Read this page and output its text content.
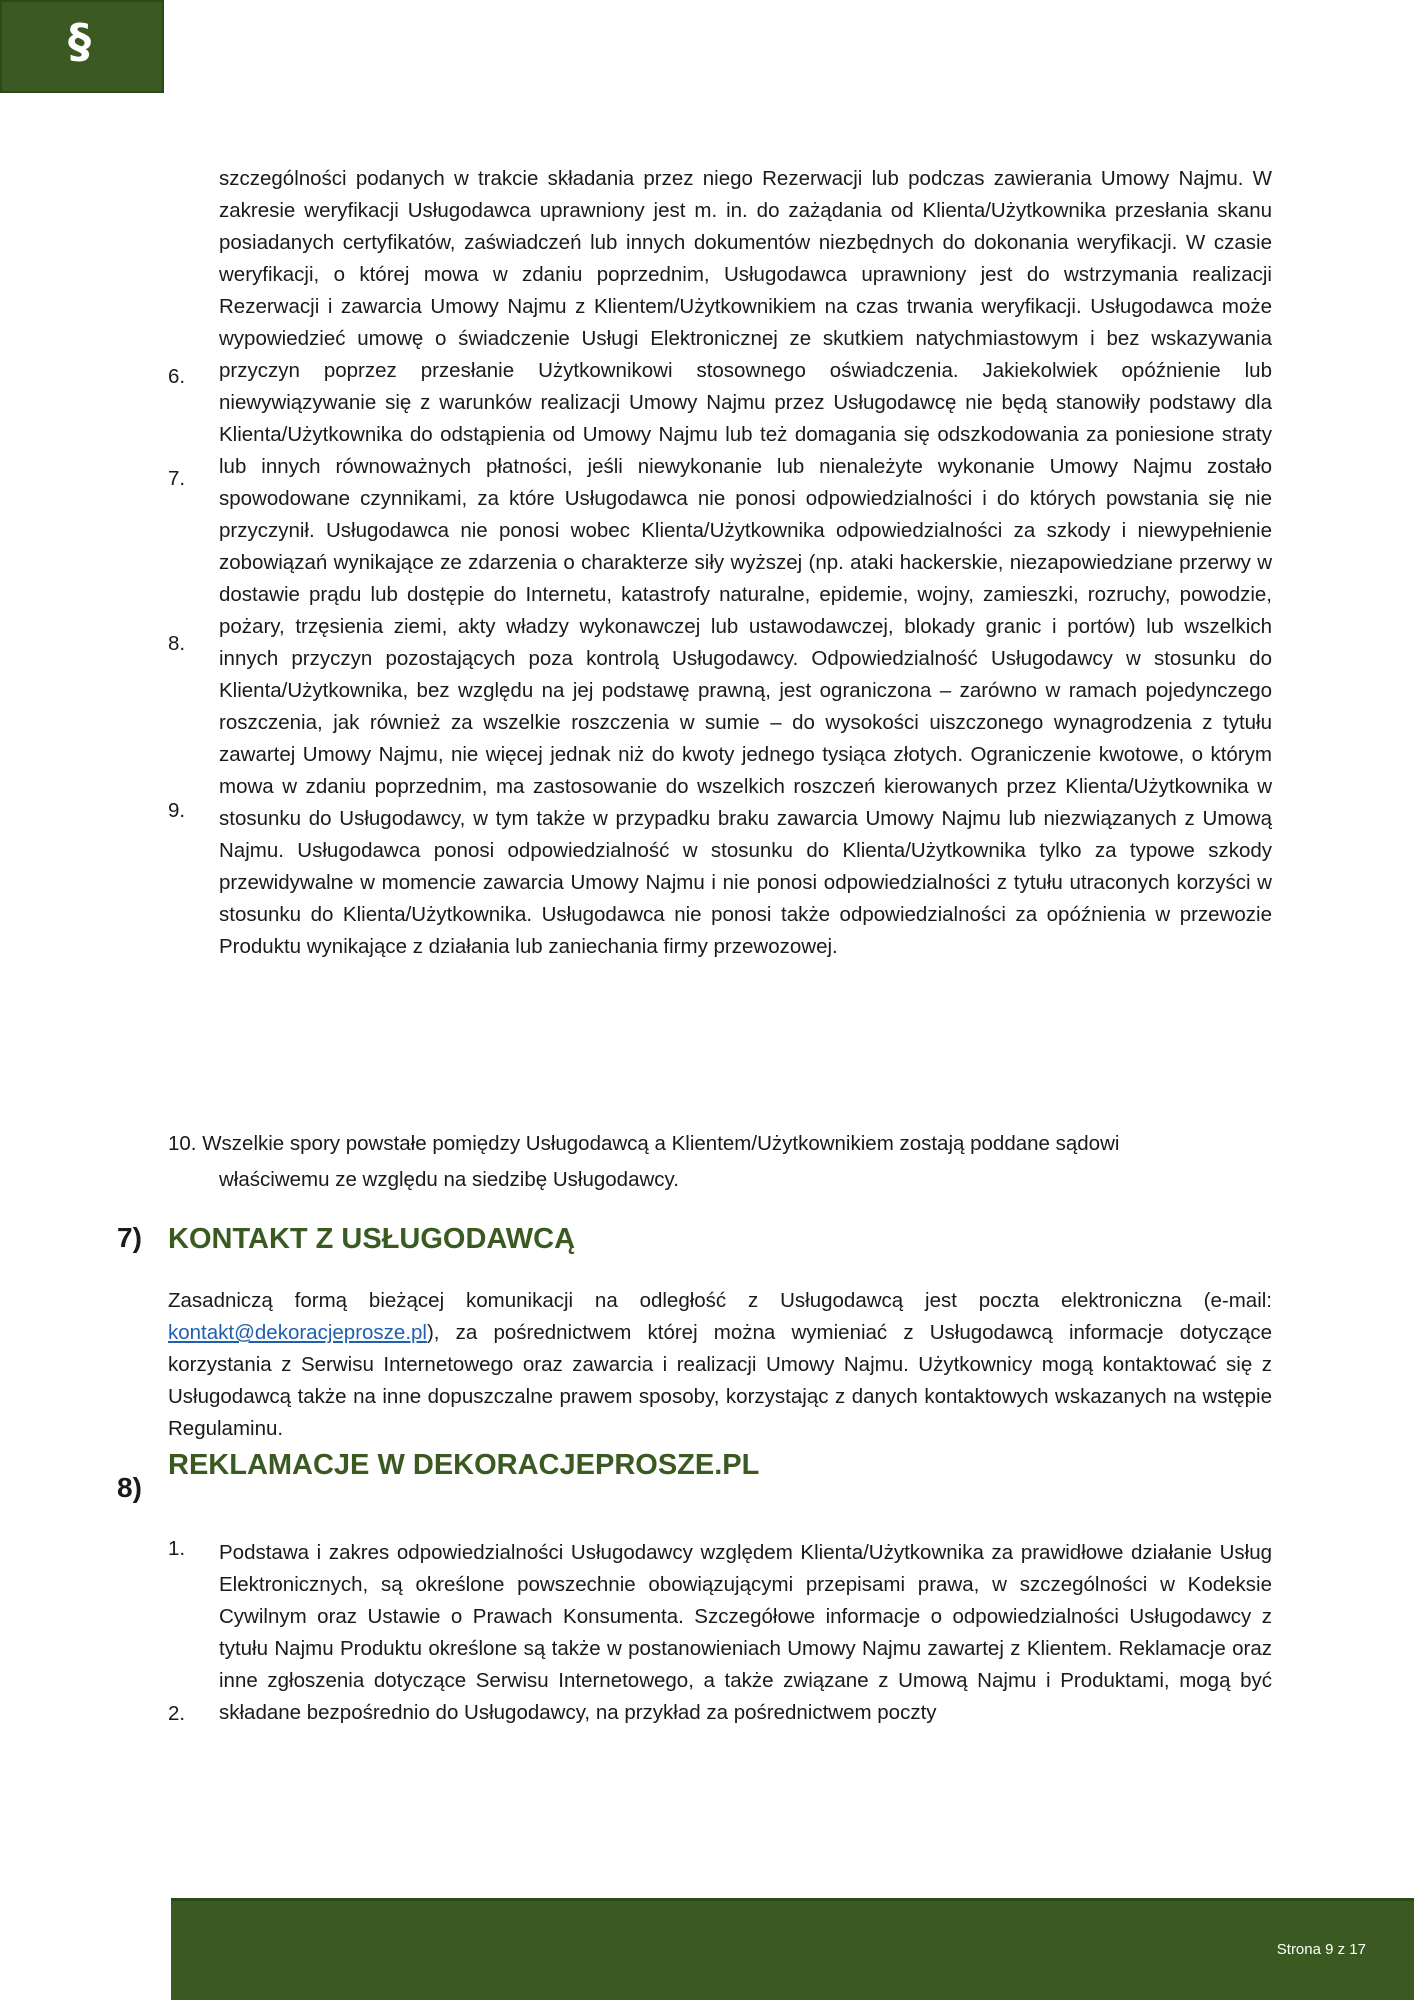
§

szczególności podanych w trakcie składania przez niego Rezerwacji lub podczas zawierania Umowy Najmu. W zakresie weryfikacji Usługodawca uprawniony jest m. in. do zażądania od Klienta/Użytkownika przesłania skanu posiadanych certyfikatów, zaświadczeń lub innych dokumentów niezbędnych do dokonania weryfikacji. W czasie weryfikacji, o której mowa w zdaniu poprzednim, Usługodawca uprawniony jest do wstrzymania realizacji Rezerwacji i zawarcia Umowy Najmu z Klientem/Użytkownikiem na czas trwania weryfikacji. Usługodawca może wypowiedzieć umowę o świadczenie Usługi Elektronicznej ze skutkiem natychmiastowym i bez wskazywania przyczyn poprzez przesłanie Użytkownikowi stosownego oświadczenia. Jakiekolwiek opóźnienie lub niewywiązywanie się z warunków realizacji Umowy Najmu przez Usługodawcę nie będą stanowiły podstawy dla Klienta/Użytkownika do odstąpienia od Umowy Najmu lub też domagania się odszkodowania za poniesione straty lub innych równoważnych płatności, jeśli niewykonanie lub nienależyte wykonanie Umowy Najmu zostało spowodowane czynnikami, za które Usługodawca nie ponosi odpowiedzialności i do których powstania się nie przyczynił. Usługodawca nie ponosi wobec Klienta/Użytkownika odpowiedzialności za szkody i niewypełnienie zobowiązań wynikające ze zdarzenia o charakterze siły wyższej (np. ataki hackerskie, niezapowiedziane przerwy w dostawie prądu lub dostępie do Internetu, katastrofy naturalne, epidemie, wojny, zamieszki, rozruchy, powodzie, pożary, trzęsienia ziemi, akty władzy wykonawczej lub ustawodawczej, blokady granic i portów) lub wszelkich innych przyczyn pozostających poza kontrolą Usługodawcy. Odpowiedzialność Usługodawcy w stosunku do Klienta/Użytkownika, bez względu na jej podstawę prawną, jest ograniczona – zarówno w ramach pojedynczego roszczenia, jak również za wszelkie roszczenia w sumie – do wysokości uiszczonego wynagrodzenia z tytułu zawartej Umowy Najmu, nie więcej jednak niż do kwoty jednego tysiąca złotych. Ograniczenie kwotowe, o którym mowa w zdaniu poprzednim, ma zastosowanie do wszelkich roszczeń kierowanych przez Klienta/Użytkownika w stosunku do Usługodawcy, w tym także w przypadku braku zawarcia Umowy Najmu lub niezwiązanych z Umową Najmu. Usługodawca ponosi odpowiedzialność w stosunku do Klienta/Użytkownika tylko za typowe szkody przewidywalne w momencie zawarcia Umowy Najmu i nie ponosi odpowiedzialności z tytułu utraconych korzyści w stosunku do Klienta/Użytkownika. Usługodawca nie ponosi także odpowiedzialności za opóźnienia w przewozie Produktu wynikające z działania lub zaniechania firmy przewozowej.

6.
7.
8.
9.

10. Wszelkie spory powstałe pomiędzy Usługodawcą a Klientem/Użytkownikiem zostają poddane sądowi
właściwemu ze względu na siedzibę Usługodawcy.

7) KONTAKT Z USŁUGODAWCĄ

Zasadniczą formą bieżącej komunikacji na odległość z Usługodawcą jest poczta elektroniczna (e-mail: kontakt@dekoracjeprosze.pl), za pośrednictwem której można wymieniać z Usługodawcą informacje dotyczące korzystania z Serwisu Internetowego oraz zawarcia i realizacji Umowy Najmu. Użytkownicy mogą kontaktować się z Usługodawcą także na inne dopuszczalne prawem sposoby, korzystając z danych kontaktowych wskazanych na wstępie Regulaminu.

8)
REKLAMACJE W DEKORACJEPROSZE.PL
1.
2.

Podstawa i zakres odpowiedzialności Usługodawcy względem Klienta/Użytkownika za prawidłowe działanie Usług Elektronicznych, są określone powszechnie obowiązującymi przepisami prawa, w szczególności w Kodeksie Cywilnym oraz Ustawie o Prawach Konsumenta. Szczegółowe informacje o odpowiedzialności Usługodawcy z tytułu Najmu Produktu określone są także w postanowieniach Umowy Najmu zawartej z Klientem. Reklamacje oraz inne zgłoszenia dotyczące Serwisu Internetowego, a także związane z Umową Najmu i Produktami, mogą być składane bezpośrednio do Usługodawcy, na przykład za pośrednictwem poczty

Strona 9 z 17
